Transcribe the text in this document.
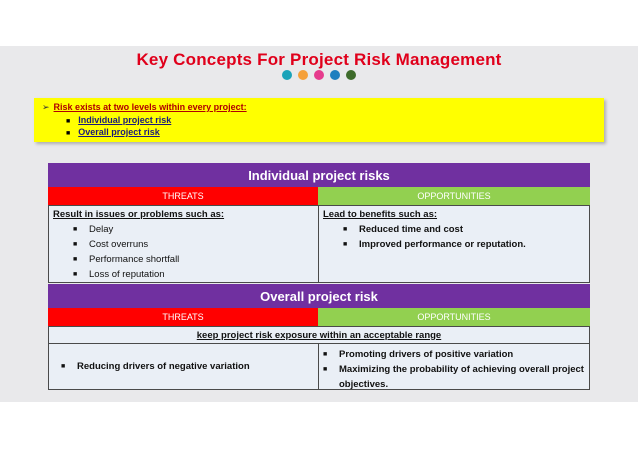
Key Concepts For Project Risk Management
➢ Risk exists at two levels within every project:
■ Individual project risk
■ Overall project risk
Individual project risks
THREATS	OPPORTUNITIES
Result in issues or problems such as:
■ Delay
■ Cost overruns
■ Performance shortfall
■ Loss of reputation
Lead to benefits such as:
■ Reduced time and cost
■ Improved performance or reputation.
Overall project risk
THREATS	OPPORTUNITIES
keep project risk exposure within an acceptable range
■ Reducing drivers of negative variation
■ Promoting drivers of positive variation
■ Maximizing the probability of achieving overall project objectives.
